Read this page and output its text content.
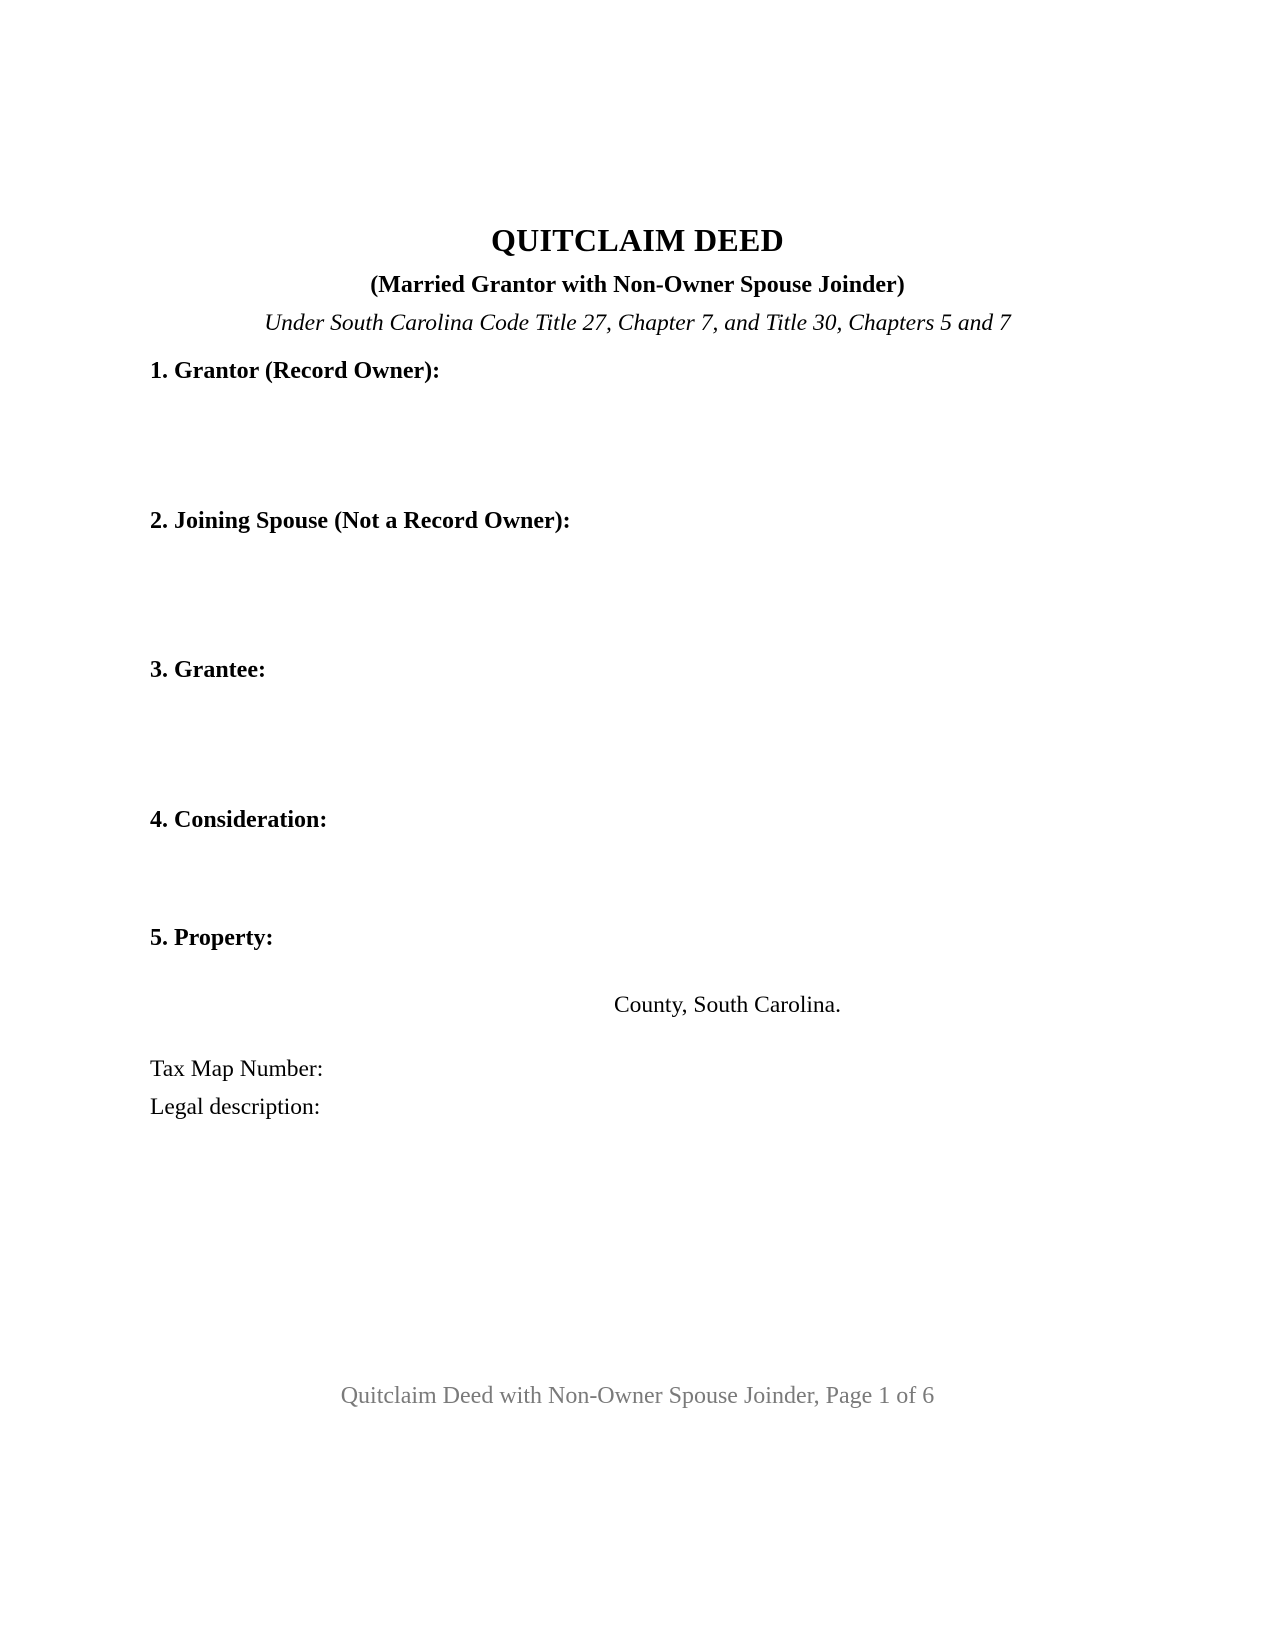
QUITCLAIM DEED
(Married Grantor with Non-Owner Spouse Joinder)
Under South Carolina Code Title 27, Chapter 7, and Title 30, Chapters 5 and 7
1. Grantor (Record Owner):
2. Joining Spouse (Not a Record Owner):
3. Grantee:
4. Consideration:
5. Property:
County, South Carolina.
Tax Map Number:
Legal description:
Quitclaim Deed with Non-Owner Spouse Joinder, Page 1 of 6
